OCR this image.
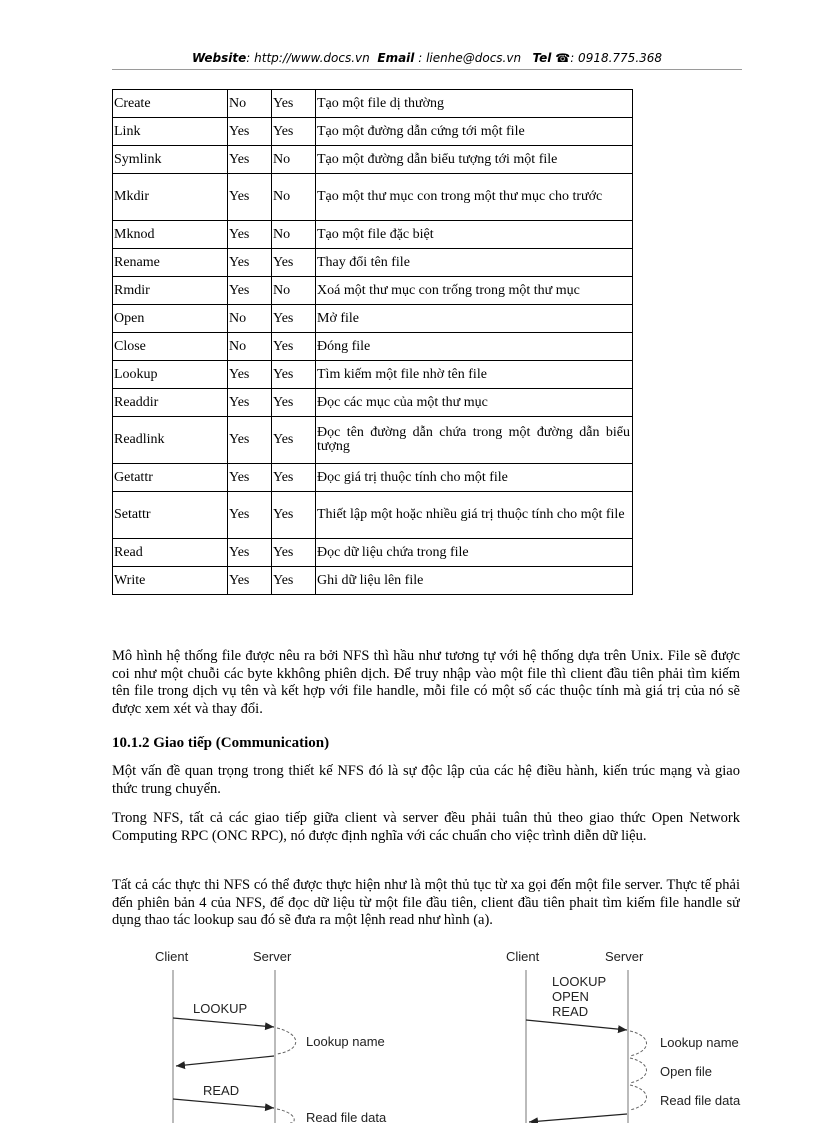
Website: http://www.docs.vn Email : lienhe@docs.vn Tel ☎: 0918.775.368
Create	No	Yes	Tạo một file dị thường
Link	Yes	Yes	Tạo một đường dẫn cứng tới một file
Symlink	Yes	No	Tạo một đường dẫn biểu tượng tới một file
Mkdir	Yes	No	Tạo một thư mục con trong một thư mục cho trước
Mknod	Yes	No	Tạo một file đặc biệt
Rename	Yes	Yes	Thay đổi tên file
Rmdir	Yes	No	Xoá một thư mục con trống trong một thư mục
Open	No	Yes	Mở file
Close	No	Yes	Đóng file
Lookup	Yes	Yes	Tìm kiếm một file nhờ tên file
Readdir	Yes	Yes	Đọc các mục của một thư mục
Readlink	Yes	Yes	Đọc tên đường dẫn chứa trong một đường dẫn biểu tượng
Getattr	Yes	Yes	Đọc giá trị thuộc tính cho một file
Setattr	Yes	Yes	Thiết lập một hoặc nhiều giá trị thuộc tính cho một file
Read	Yes	Yes	Đọc dữ liệu chứa trong file
Write	Yes	Yes	Ghi dữ liệu lên file

Mô hình hệ thống file được nêu ra bởi NFS thì hầu như tương tự với hệ thống dựa trên Unix. File sẽ được coi như một chuỗi các byte kkhông phiên dịch. Để truy nhập vào một file thì client đầu tiên phải tìm kiếm tên file trong dịch vụ tên và kết hợp với file handle, mỗi file có một số các thuộc tính mà giá trị của nó sẽ được xem xét và thay đổi.

10.1.2 Giao tiếp (Communication)

Một vấn đề quan trọng trong thiết kế NFS đó là sự độc lập của các hệ điều hành, kiến trúc mạng và giao thức trung chuyển.

Trong NFS, tất cả các giao tiếp giữa client và server đều phải tuân thủ theo giao thức Open Network Computing RPC (ONC RPC), nó được định nghĩa với các chuẩn cho việc trình diễn dữ liệu.

Tất cả các thực thi NFS có thể được thực hiện như là một thủ tục từ xa gọi đến một file server. Thực tế phải đến phiên bản 4 của NFS, để đọc dữ liệu từ một file đầu tiên, client đầu tiên phait tìm kiếm file handle sử dụng thao tác lookup sau đó sẽ đưa ra một lệnh read như hình (a).

Client	Server
LOOKUP
Lookup name
READ
Read file data
Client	Server
LOOKUP
OPEN
READ
Lookup name
Open file
Read file data
